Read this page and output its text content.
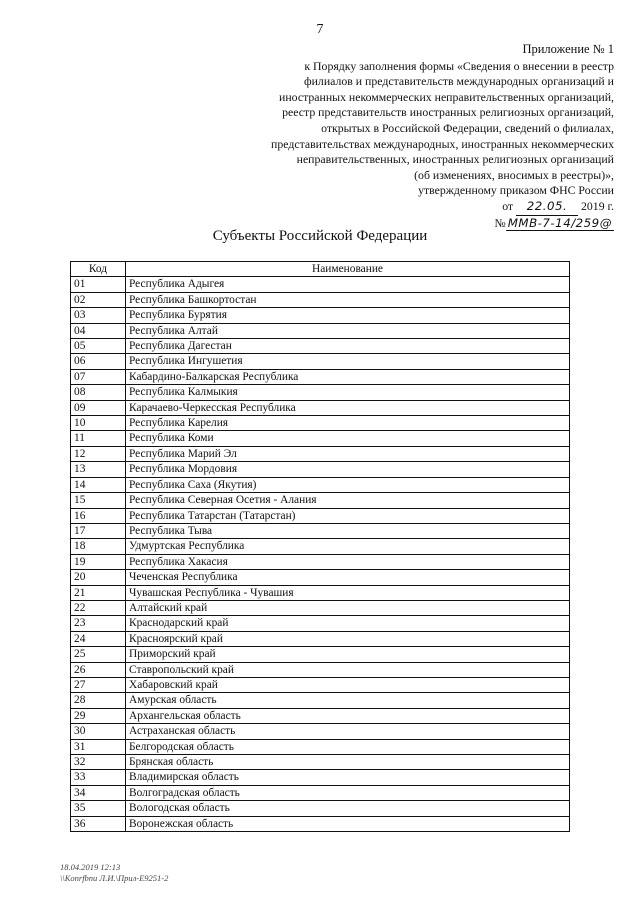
7
Приложение № 1
к Порядку заполнения формы «Сведения о внесении в реестр
филиалов и представительств международных организаций и
иностранных некоммерческих неправительственных организаций,
реестр представительств иностранных религиозных организаций,
открытых в Российской Федерации, сведений о филиалах,
представительствах международных, иностранных некоммерческих
неправительственных, иностранных религиозных организаций
(об изменениях, вносимых в реестры)»,
утвержденному приказом ФНС России
от 22.05. 2019 г.
№ ММВ-7-14/259@
Субъекты Российской Федерации
Код	Наименование
01	Республика Адыгея
02	Республика Башкортостан
03	Республика Бурятия
04	Республика Алтай
05	Республика Дагестан
06	Республика Ингушетия
07	Кабардино-Балкарская Республика
08	Республика Калмыкия
09	Карачаево-Черкесская Республика
10	Республика Карелия
11	Республика Коми
12	Республика Марий Эл
13	Республика Мордовия
14	Республика Саха (Якутия)
15	Республика Северная Осетия - Алания
16	Республика Татарстан (Татарстан)
17	Республика Тыва
18	Удмуртская Республика
19	Республика Хакасия
20	Чеченская Республика
21	Чувашская Республика - Чувашия
22	Алтайский край
23	Краснодарский край
24	Красноярский край
25	Приморский край
26	Ставропольский край
27	Хабаровский край
28	Амурская область
29	Архангельская область
30	Астраханская область
31	Белгородская область
32	Брянская область
33	Владимирская область
34	Волгоградская область
35	Вологодская область
36	Воронежская область
18.04.2019 12:13
\\Konrfbnu Л.И.\Прил-Е9251-2
